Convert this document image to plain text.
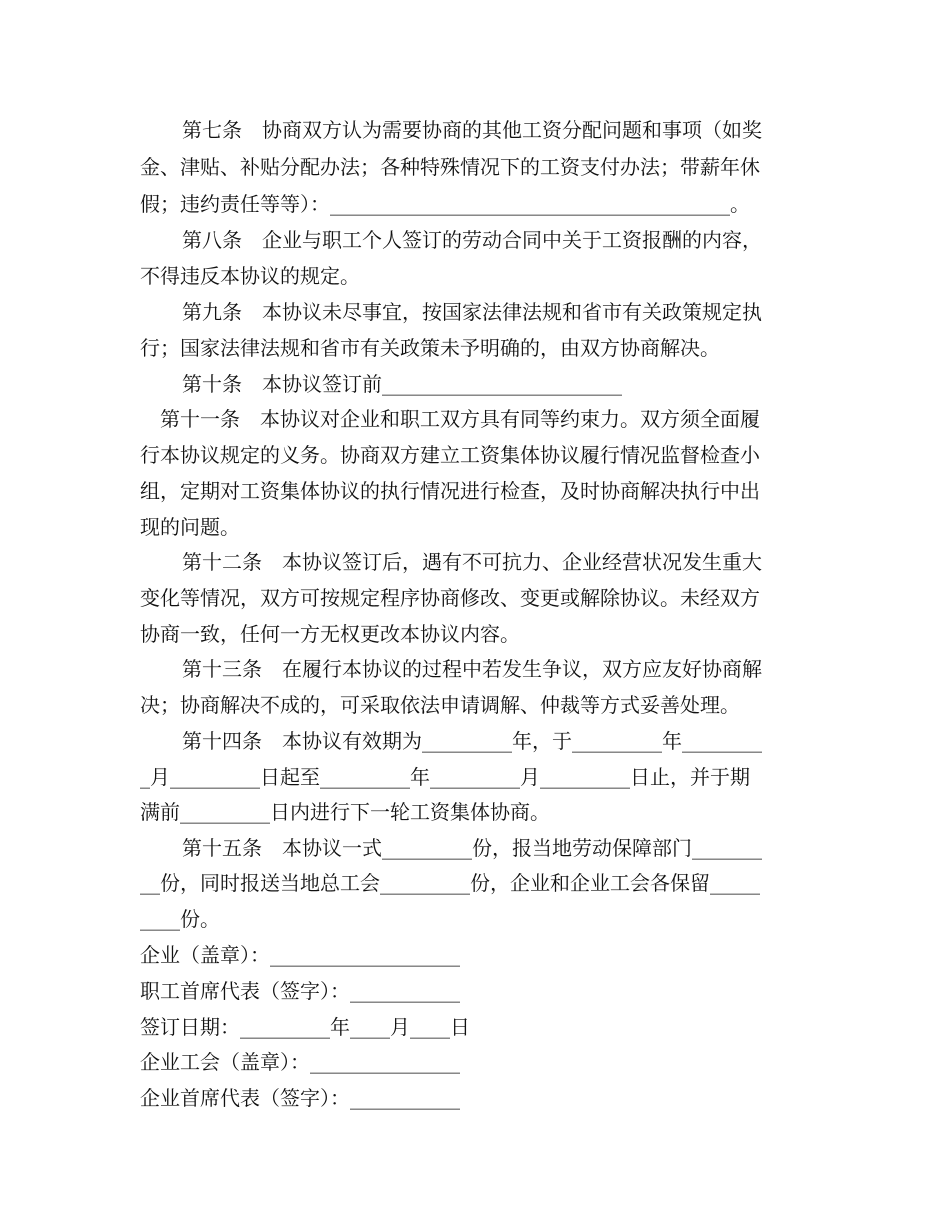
第七条　协商双方认为需要协商的其他工资分配问题和事项（如奖
金、津贴、补贴分配办法；各种特殊情况下的工资支付办法；带薪年休
假；违约责任等等）：________________________________________。
第八条　企业与职工个人签订的劳动合同中关于工资报酬的内容，
不得违反本协议的规定。
第九条　本协议未尽事宜，按国家法律法规和省市有关政策规定执
行；国家法律法规和省市有关政策未予明确的，由双方协商解决。
第十条　本协议签订前________________________
第十一条　本协议对企业和职工双方具有同等约束力。双方须全面履
行本协议规定的义务。协商双方建立工资集体协议履行情况监督检查小
组，定期对工资集体协议的执行情况进行检查，及时协商解决执行中出
现的问题。
第十二条　本协议签订后，遇有不可抗力、企业经营状况发生重大
变化等情况，双方可按规定程序协商修改、变更或解除协议。未经双方
协商一致，任何一方无权更改本协议内容。
第十三条　在履行本协议的过程中若发生争议，双方应友好协商解
决；协商解决不成的，可采取依法申请调解、仲裁等方式妥善处理。
第十四条　本协议有效期为_________年，于_________年________
_月_________日起至_________年_________月_________日止，并于期
满前_________日内进行下一轮工资集体协商。
第十五条　本协议一式_________份，报当地劳动保障部门_______
__份，同时报送当地总工会_________份，企业和企业工会各保留_____
____份。
企业（盖章）：___________________
职工首席代表（签字）：___________
签订日期：_________年____月____日
企业工会（盖章）：_______________
企业首席代表（签字）：___________
